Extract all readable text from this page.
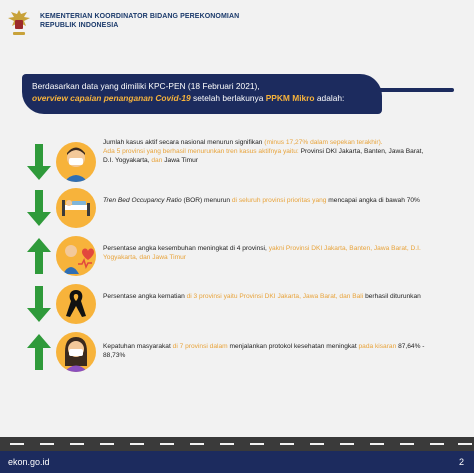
KEMENTERIAN KOORDINATOR BIDANG PEREKONOMIAN
REPUBLIK INDONESIA
Berdasarkan data yang dimiliki KPC-PEN (18 Februari 2021),
overview capaian penanganan Covid-19 setelah berlakunya PPKM Mikro adalah:
Jumlah kasus aktif secara nasional menurun signifikan (minus 17,27% dalam sepekan terakhir).
Ada 5 provinsi yang berhasil menurunkan tren kasus aktifnya yaitu: Provinsi DKI Jakarta, Banten, Jawa Barat, D.I. Yogyakarta, dan Jawa Timur
Tren Bed Occupancy Ratio (BOR) menurun di seluruh provinsi prioritas yang mencapai angka di bawah 70%
Persentase angka kesembuhan meningkat di 4 provinsi, yakni Provinsi DKI Jakarta, Banten, Jawa Barat, D.I. Yogyakarta, dan Jawa Timur
Persentase angka kematian di 3 provinsi yaitu Provinsi DKI Jakarta, Jawa Barat, dan Bali berhasil diturunkan
Kepatuhan masyarakat di 7 provinsi dalam menjalankan protokol kesehatan meningkat pada kisaran 87,64% - 88,73%
ekon.go.id	2
